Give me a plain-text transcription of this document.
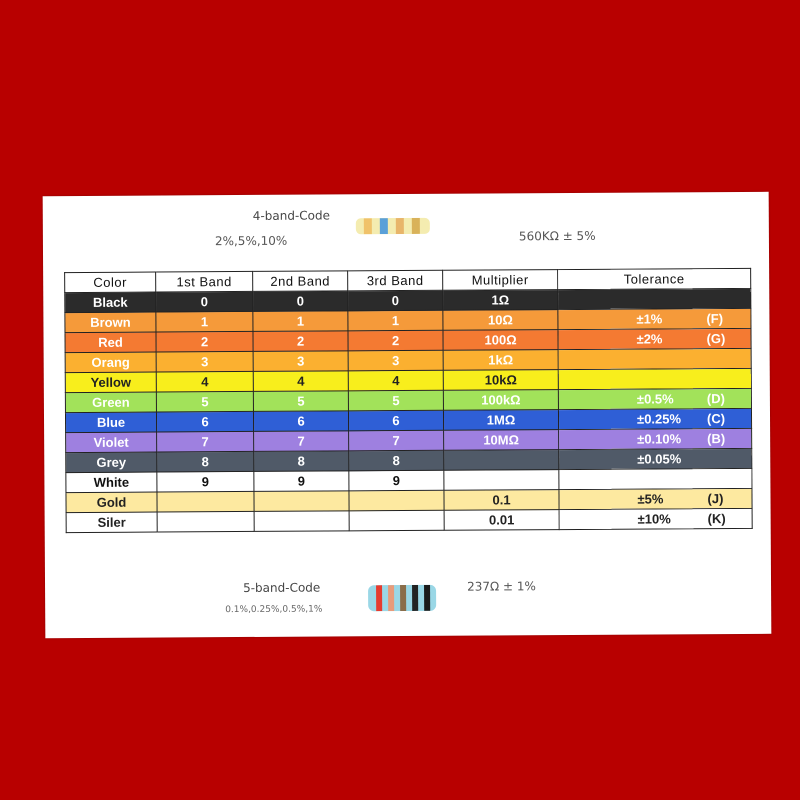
4-band-Code
2%,5%,10%	560KΩ ± 5%
Color	1st Band	2nd Band	3rd Band	Multiplier	Tolerance
Black	0	0	0	1Ω	

Brown	1	1	1	10Ω	±1% (F)

Red	2	2	2	100Ω	±2% (G)

Orang	3	3	3	1kΩ	

Yellow	4	4	4	10kΩ	

Green	5	5	5	100kΩ	±0.5% (D)

Blue	6	6	6	1MΩ	±0.25% (C)

Violet	7	7	7	10MΩ	±0.10% (B)

Grey	8	8	8		±0.05%

White	9	9	9		

Gold				0.1	±5% (J)

Siler				0.01	±10% (K)
5-band-Code
0.1%,0.25%,0.5%,1%
237Ω ± 1%
